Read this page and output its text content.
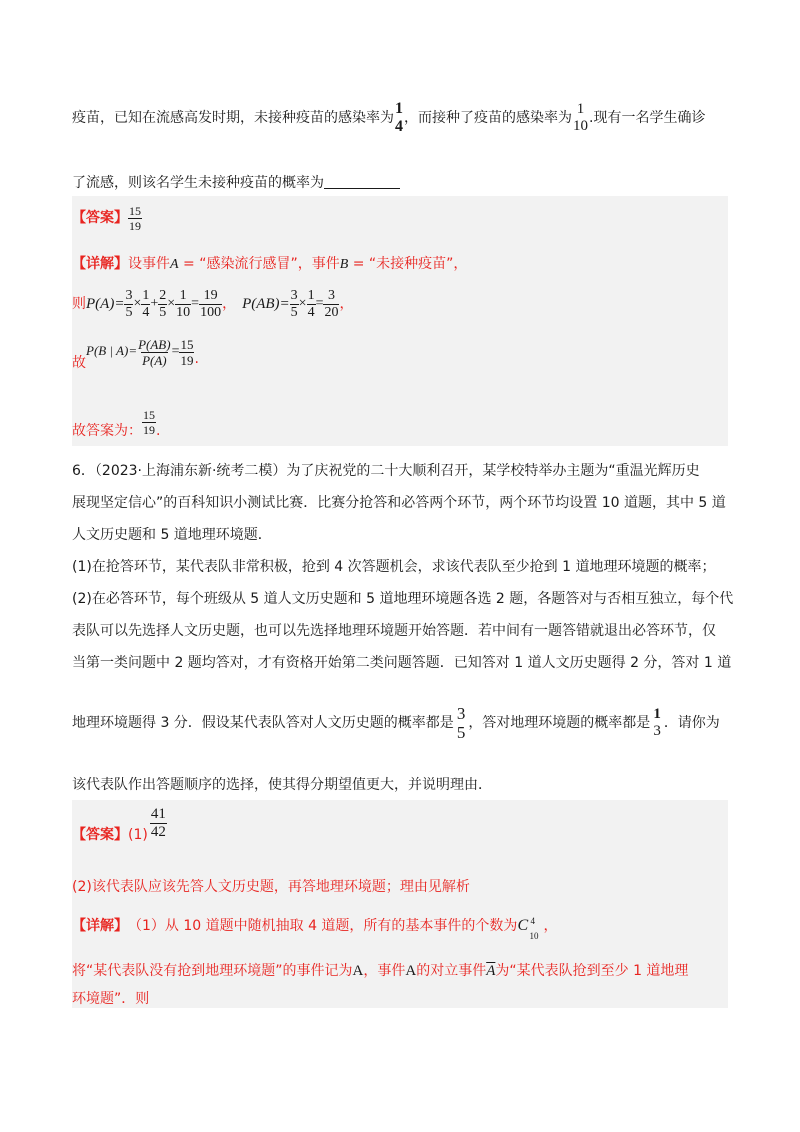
疫苗，已知在流感高发时期，未接种疫苗的感染率为
1
4 ，而接种了疫苗的感染率为
1
10 .现有一名学生确诊
了流感，则该名学生未接种疫苗的概率为
【答案】 $\frac{15}{19}$
【详解】设事件A = “感染流行感冒”，事件B = “未接种疫苗”，
则 $P(A)= \frac{3}{5} \times \frac{1}{4} + \frac{2}{5} \times \frac{1}{10} = \frac{19}{100}$ ， $P(AB)= \frac{3}{5} \times \frac{1}{4} = \frac{3}{20}$ ，
故
P(B | $A)= \frac{P(AB)}{P(A)} = \frac{15}{19}$ .
故答案为： $\frac{15}{19}$ .
6．（2023·上海浦东新·统考二模）为了庆祝党的二十大顺利召开，某学校特举办主题为“重温光辉历史
展现坚定信心”的百科知识小测试比赛．比赛分抢答和必答两个环节，两个环节均设置 10 道题，其中 5 道
人文历史题和 5 道地理环境题．
(1)在抢答环节，某代表队非常积极，抢到 4 次答题机会，求该代表队至少抢到 1 道地理环境题的概率；
(2)在必答环节，每个班级从 5 道人文历史题和 5 道地理环境题各选 2 题，各题答对与否相互独立，每个代
表队可以先选择人文历史题，也可以先选择地理环境题开始答题．若中间有一题答错就退出必答环节，仅
当第一类问题中 2 题均答对，才有资格开始第二类问题答题．已知答对 1 道人文历史题得 2 分，答对 1 道
地理环境题得 3 分．假设某代表队答对人文历史题的概率都是 3
5 ，答对地理环境题的概率都是
1
3 ．请你为
该代表队作出答题顺序的选择，使其得分期望值更大，并说明理由．
【答案】 $(1) \frac{41}{42}$
(2)该代表队应该先答人文历史题，再答地理环境题；理由见解析
【详解】 （1）从 10 道题中随机抽取 4 道题，所有的基本事件的个数为 C 4
10
，
将“某代表队没有抢到地理环境题”的事件记为A，事件A的对立事件$\overline{A}$为“某代表队抢到至少 1 道地理
环境题”．则
